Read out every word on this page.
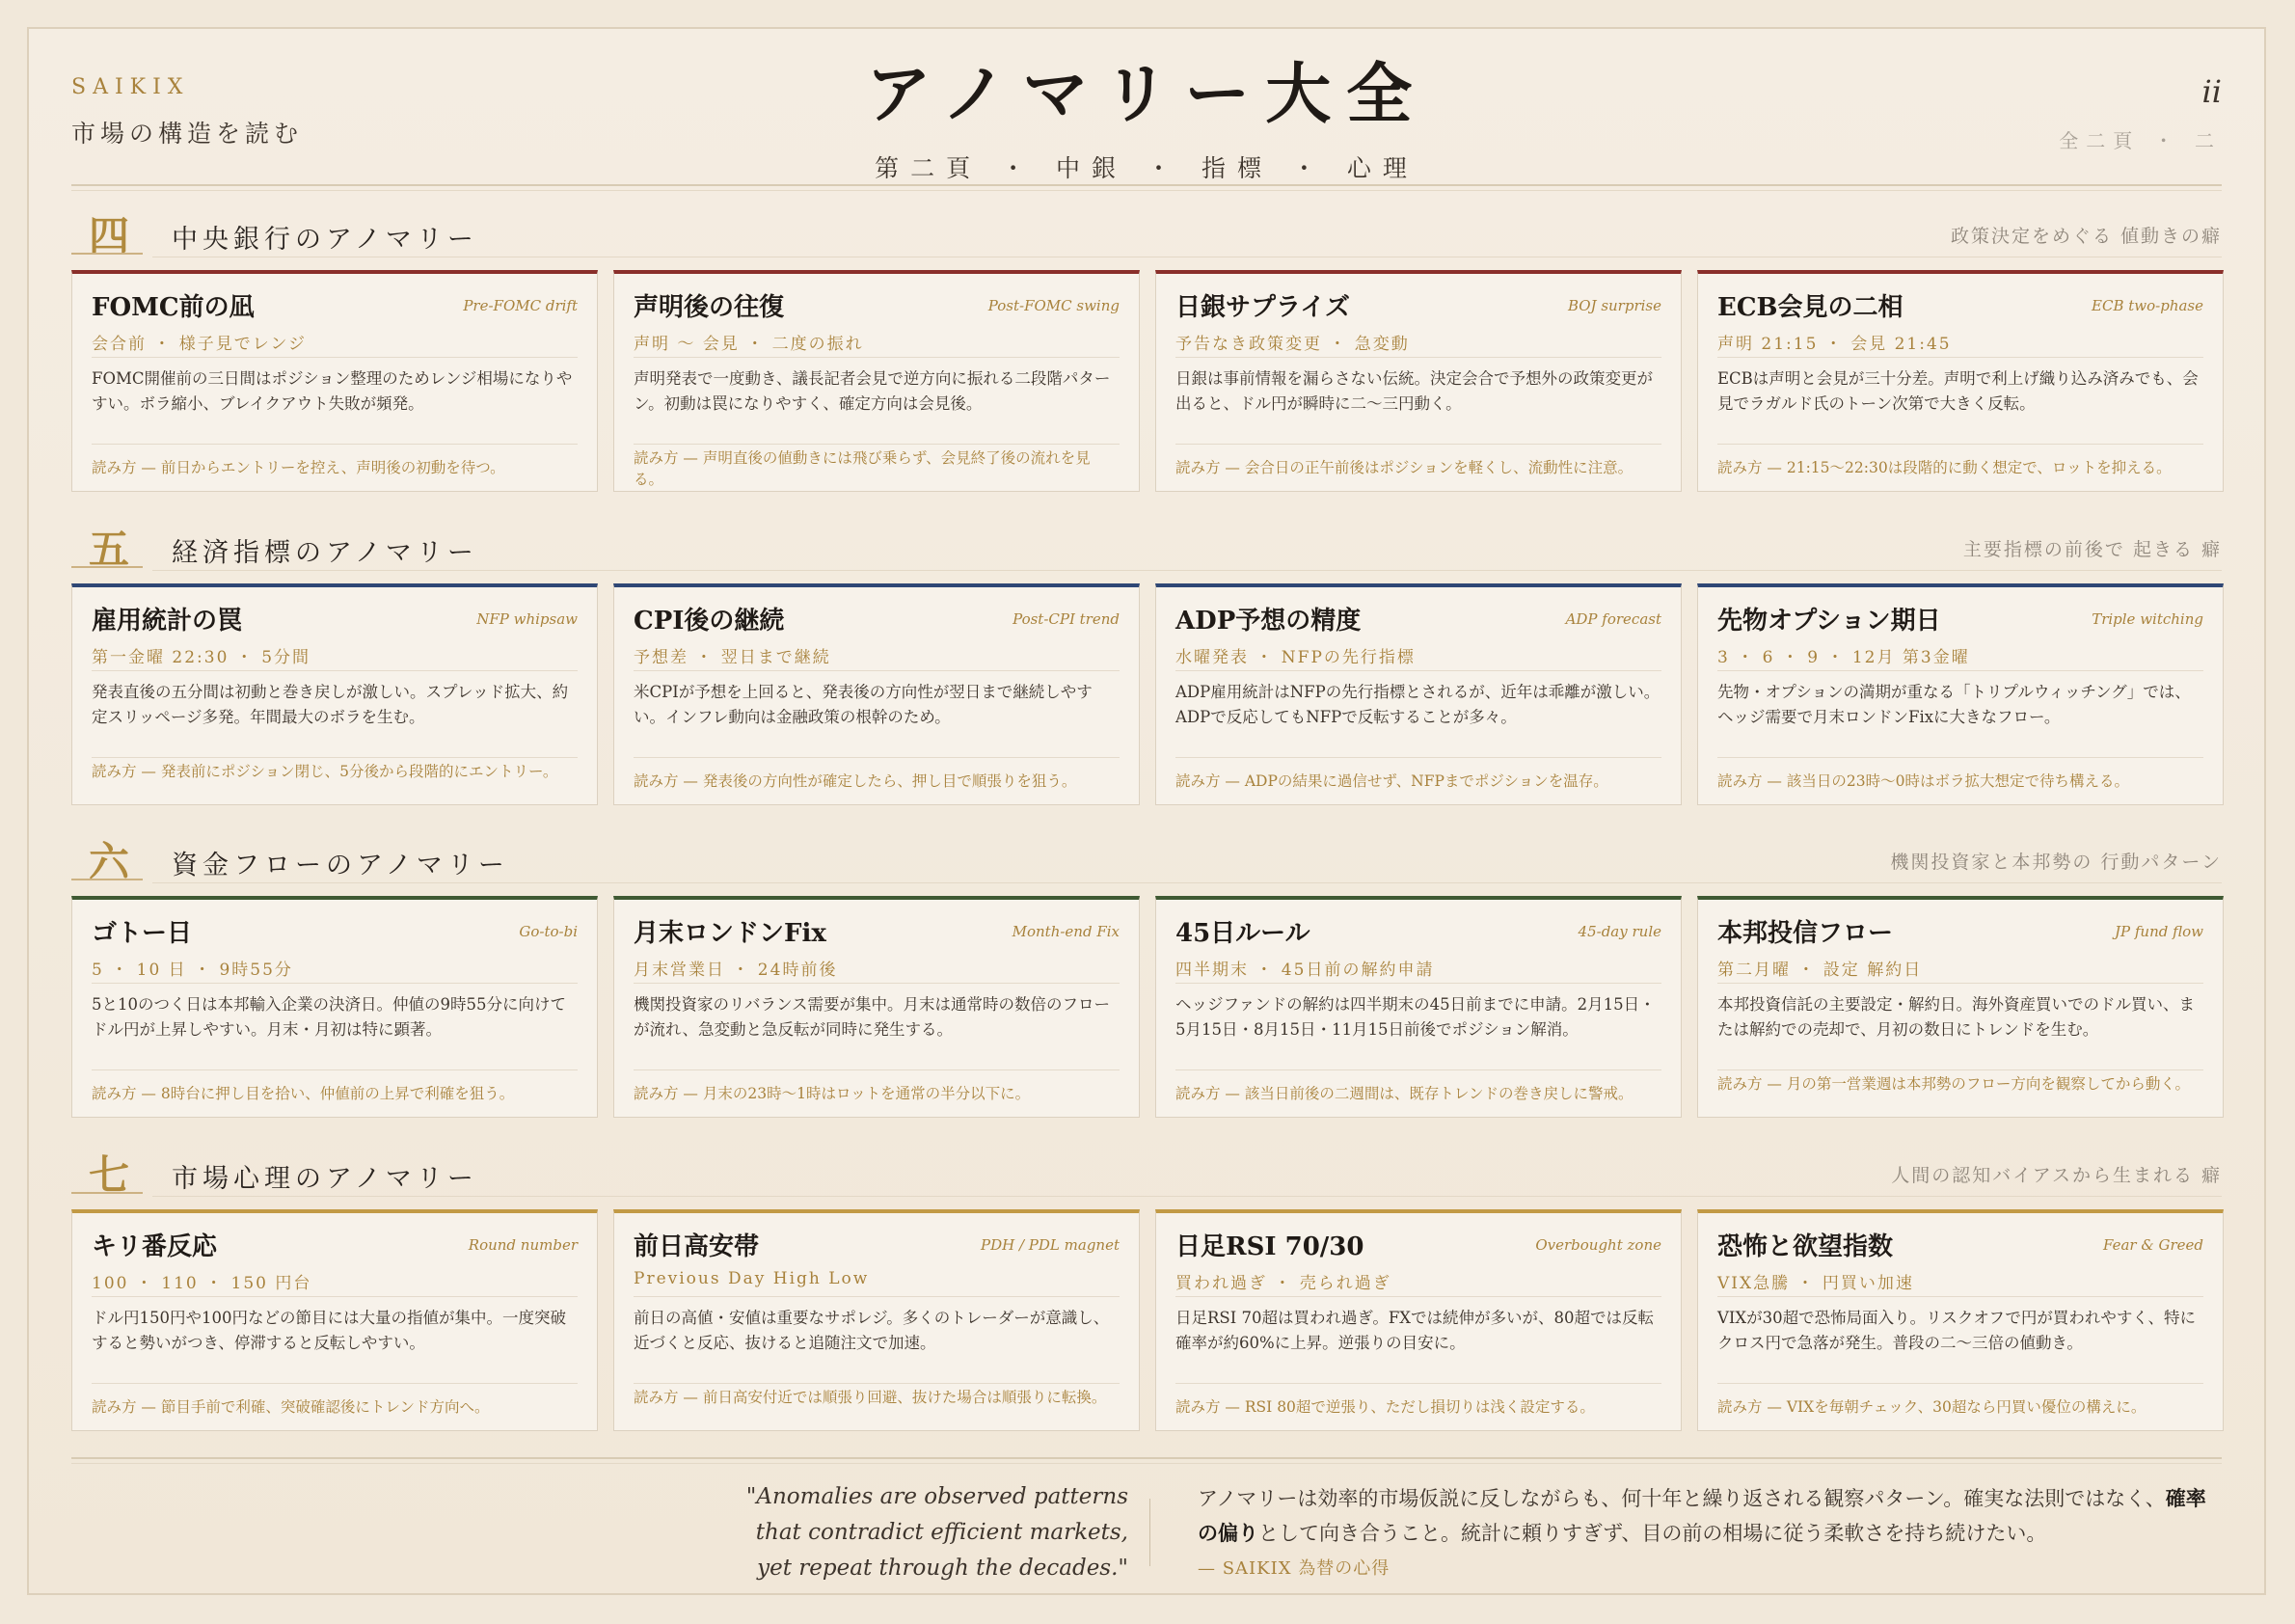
SAIKIX
市場の構造を読む
アノマリー大全
第二頁 ・ 中銀 ・ 指標 ・ 心理
ii
全二頁 ・ 二
四 中央銀行のアノマリー	政策決定をめぐる 値動きの癖
FOMC前の凪	Pre-FOMC drift
会合前 ・ 様子見でレンジ
FOMC開催前の三日間はポジション整理のためレンジ相場になりやすい。ボラ縮小、ブレイクアウト失敗が頻発。
読み方 — 前日からエントリーを控え、声明後の初動を待つ。
声明後の往復	Post-FOMC swing
声明 〜 会見 ・ 二度の振れ
声明発表で一度動き、議長記者会見で逆方向に振れる二段階パターン。初動は罠になりやすく、確定方向は会見後。
読み方 — 声明直後の値動きには飛び乗らず、会見終了後の流れを見る。
日銀サプライズ	BOJ surprise
予告なき政策変更 ・ 急変動
日銀は事前情報を漏らさない伝統。決定会合で予想外の政策変更が出ると、ドル円が瞬時に二〜三円動く。
読み方 — 会合日の正午前後はポジションを軽くし、流動性に注意。
ECB会見の二相	ECB two-phase
声明 21:15 ・ 会見 21:45
ECBは声明と会見が三十分差。声明で利上げ織り込み済みでも、会見でラガルド氏のトーン次第で大きく反転。
読み方 — 21:15〜22:30は段階的に動く想定で、ロットを抑える。
五 経済指標のアノマリー	主要指標の前後で 起きる 癖
雇用統計の罠	NFP whipsaw
第一金曜 22:30 ・ 5分間
発表直後の五分間は初動と巻き戻しが激しい。スプレッド拡大、約定スリッページ多発。年間最大のボラを生む。
読み方 — 発表前にポジション閉じ、5分後から段階的にエントリー。
CPI後の継続	Post-CPI trend
予想差 ・ 翌日まで継続
米CPIが予想を上回ると、発表後の方向性が翌日まで継続しやすい。インフレ動向は金融政策の根幹のため。
読み方 — 発表後の方向性が確定したら、押し目で順張りを狙う。
ADP予想の精度	ADP forecast
水曜発表 ・ NFPの先行指標
ADP雇用統計はNFPの先行指標とされるが、近年は乖離が激しい。ADPで反応してもNFPで反転することが多々。
読み方 — ADPの結果に過信せず、NFPまでポジションを温存。
先物オプション期日	Triple witching
3 ・ 6 ・ 9 ・ 12月 第3金曜
先物・オプションの満期が重なる「トリプルウィッチング」では、ヘッジ需要で月末ロンドンFixに大きなフロー。
読み方 — 該当日の23時〜0時はボラ拡大想定で待ち構える。
六 資金フローのアノマリー	機関投資家と本邦勢の 行動パターン
ゴトー日	Go-to-bi
5 ・ 10 日 ・ 9時55分
5と10のつく日は本邦輸入企業の決済日。仲値の9時55分に向けてドル円が上昇しやすい。月末・月初は特に顕著。
読み方 — 8時台に押し目を拾い、仲値前の上昇で利確を狙う。
月末ロンドンFix	Month-end Fix
月末営業日 ・ 24時前後
機関投資家のリバランス需要が集中。月末は通常時の数倍のフローが流れ、急変動と急反転が同時に発生する。
読み方 — 月末の23時〜1時はロットを通常の半分以下に。
45日ルール	45-day rule
四半期末 ・ 45日前の解約申請
ヘッジファンドの解約は四半期末の45日前までに申請。2月15日・5月15日・8月15日・11月15日前後でポジション解消。
読み方 — 該当日前後の二週間は、既存トレンドの巻き戻しに警戒。
本邦投信フロー	JP fund flow
第二月曜 ・ 設定 解約日
本邦投資信託の主要設定・解約日。海外資産買いでのドル買い、または解約での売却で、月初の数日にトレンドを生む。
読み方 — 月の第一営業週は本邦勢のフロー方向を観察してから動く。
七 市場心理のアノマリー	人間の認知バイアスから生まれる 癖
キリ番反応	Round number
100 ・ 110 ・ 150 円台
ドル円150円や100円などの節目には大量の指値が集中。一度突破すると勢いがつき、停滞すると反転しやすい。
読み方 — 節目手前で利確、突破確認後にトレンド方向へ。
前日高安帯	PDH / PDL magnet
Previous Day High Low
前日の高値・安値は重要なサポレジ。多くのトレーダーが意識し、近づくと反応、抜けると追随注文で加速。
読み方 — 前日高安付近では順張り回避、抜けた場合は順張りに転換。
日足RSI 70/30	Overbought zone
買われ過ぎ ・ 売られ過ぎ
日足RSI 70超は買われ過ぎ。FXでは続伸が多いが、80超では反転確率が約60%に上昇。逆張りの目安に。
読み方 — RSI 80超で逆張り、ただし損切りは浅く設定する。
恐怖と欲望指数	Fear & Greed
VIX急騰 ・ 円買い加速
VIXが30超で恐怖局面入り。リスクオフで円が買われやすく、特にクロス円で急落が発生。普段の二〜三倍の値動き。
読み方 — VIXを毎朝チェック、30超なら円買い優位の構えに。
"Anomalies are observed patterns
that contradict efficient markets,
yet repeat through the decades."
アノマリーは効率的市場仮説に反しながらも、何十年と繰り返される観察パターン。確実な法則ではなく、確率の偏りとして向き合うこと。統計に頼りすぎず、目の前の相場に従う柔軟さを持ち続けたい。
— SAIKIX 為替の心得
